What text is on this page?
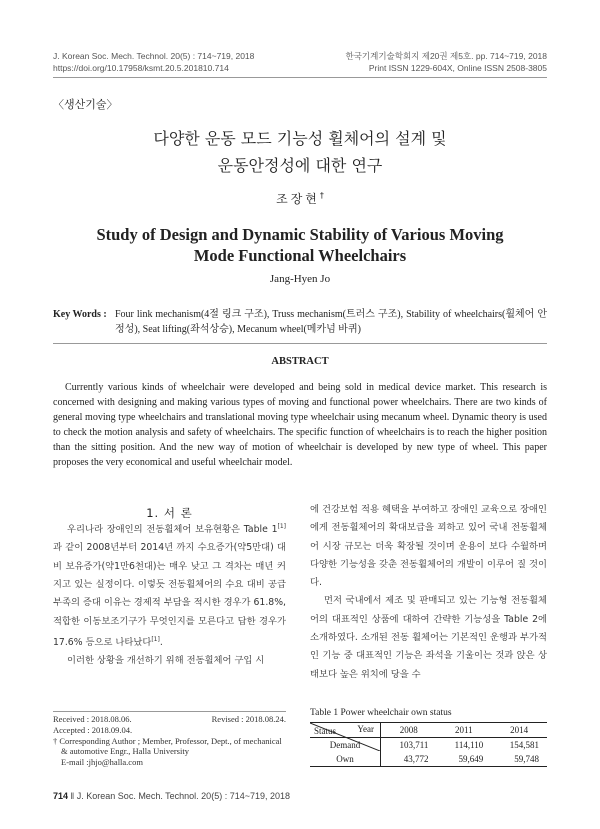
J. Korean Soc. Mech. Technol. 20(5) : 714~719, 2018
https://doi.org/10.17958/ksmt.20.5.201810.714
한국기계기술학회지 제20권 제5호. pp. 714~719, 2018
Print ISSN 1229-604X, Online ISSN 2508-3805
〈생산기술〉
다양한 운동 모드 기능성 휠체어의 설계 및
운동안정성에 대한 연구
조장현†
Study of Design and Dynamic Stability of Various Moving
Mode Functional Wheelchairs
Jang-Hyen Jo
Key Words : Four link mechanism(4절 링크 구조), Truss mechanism(트러스 구조), Stability of wheelchairs(휠체어 안정성), Seat lifting(좌석상승), Mecanum wheel(메카넘 바퀴)
ABSTRACT
Currently various kinds of wheelchair were developed and being sold in medical device market. This research is concerned with designing and making various types of moving and functional power wheelchairs. There are two kinds of general moving type wheelchairs and translational moving type wheelchair using mecanum wheel. Dynamic theory is used to check the motion analysis and safety of wheelchairs. The specific function of wheelchairs is to reach the higher position than the sitting position. And the new way of motion of wheelchair is developed by new type of wheel. This paper proposes the very economical and useful wheelchair model.
1. 서 론

우리나라 장애인의 전동휠체어 보유현황은 Table 1[1]과 같이 2008년부터 2014년 까지 수요증가(약5만대) 대비 보유증가(약1만6천대)는 매우 낮고 그 격차는 매년 커지고 있는 실정이다. 이렇듯 전동휠체어의 수요 대비 공급 부족의 증대 이유는 경제적 부담을 적시한 경우가 61.8%, 적합한 이동보조기구가 무엇인지를 모른다고 답한 경우가 17.6% 등으로 나타났다[1].

이러한 상황을 개선하기 위해 전동휠체어 구입 시

에 건강보험 적용 혜택을 부여하고 장애인 교육으로 장애인에게 전동휠체어의 확대보급을 꾀하고 있어 국내 전동휠체어 시장 규모는 더욱 확장될 것이며 운용이 보다 수월하며 다양한 기능성을 갖춘 전동휠체어의 개발이 이루어 질 것이다.

먼저 국내에서 제조 및 판매되고 있는 기능형 전동휠체어의 대표적인 상품에 대하여 간략한 기능성을 Table 2에 소개하였다. 소개된 전동 휠체어는 기본적인 운행과 부가적인 기능 중 대표적인 기능은 좌석을 기울이는 것과 앉은 상태보다 높은 위치에 당을 수

Received : 2018.08.06.	Revised : 2018.08.24.
Accepted : 2018.09.04.
† Corresponding Author ; Member, Professor, Dept., of mechanical
& automotive Engr., Halla University
E-mail :jhjo@halla.com
Table 1 Power wheelchair own status
Year
Status	2008	2011	2014
Demand	103,711	114,110	154,581
Own	43,772	59,649	59,748
714 ‖ J. Korean Soc. Mech. Technol. 20(5) : 714~719, 2018
